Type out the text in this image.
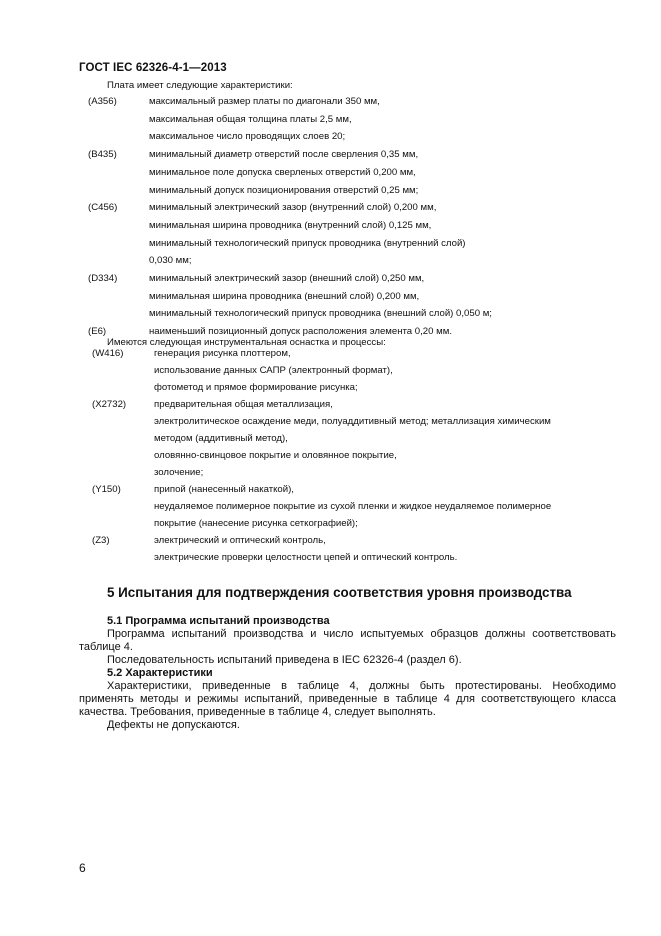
ГОСТ IEC 62326-4-1—2013
Плата имеет следующие характеристики:
(A356)	максимальный размер платы по диагонали 350 мм,
максимальная общая толщина платы 2,5 мм,
максимальное число проводящих слоев 20;
(B435)	минимальный диаметр отверстий после сверления 0,35 мм,
минимальное поле допуска сверленых отверстий 0,200 мм,
минимальный допуск позиционирования отверстий 0,25 мм;
(C456)	минимальный электрический зазор (внутренний слой) 0,200 мм,
минимальная ширина проводника (внутренний слой) 0,125 мм,
минимальный технологический припуск проводника (внутренний слой)
0,030 мм;
(D334)	минимальный электрический зазор (внешний слой) 0,250 мм,
минимальная ширина проводника (внешний слой) 0,200 мм,
минимальный технологический припуск проводника (внешний слой) 0,050 м;
(E6)	наименьший позиционный допуск расположения элемента 0,20 мм.
Имеются следующая инструментальная оснастка и процессы:
(W416)	генерация рисунка плоттером,
использование данных САПР (электронный формат),
фотометод и прямое формирование рисунка;
(X2732)	предварительная общая металлизация,
электролитическое осаждение меди, полуаддитивный метод; металлизация химическим
методом (аддитивный метод),
оловянно-свинцовое покрытие и оловянное покрытие,
золочение;
(Y150)	припой (нанесенный накаткой),
неудаляемое полимерное покрытие из сухой пленки и жидкое неудаляемое полимерное
покрытие (нанесение рисунка сеткографией);
(Z3)	электрический и оптический контроль,
электрические проверки целостности цепей и оптический контроль.
5 Испытания для подтверждения соответствия уровня производства
5.1 Программа испытаний производства
Программа испытаний производства и число испытуемых образцов должны соответствовать
таблице 4.
Последовательность испытаний приведена в IEC 62326-4 (раздел 6).
5.2 Характеристики
Характеристики, приведенные в таблице 4, должны быть протестированы. Необходимо
применять методы и режимы испытаний, приведенные в таблице 4 для соответствующего класса
качества. Требования, приведенные в таблице 4, следует выполнять.
Дефекты не допускаются.
6
